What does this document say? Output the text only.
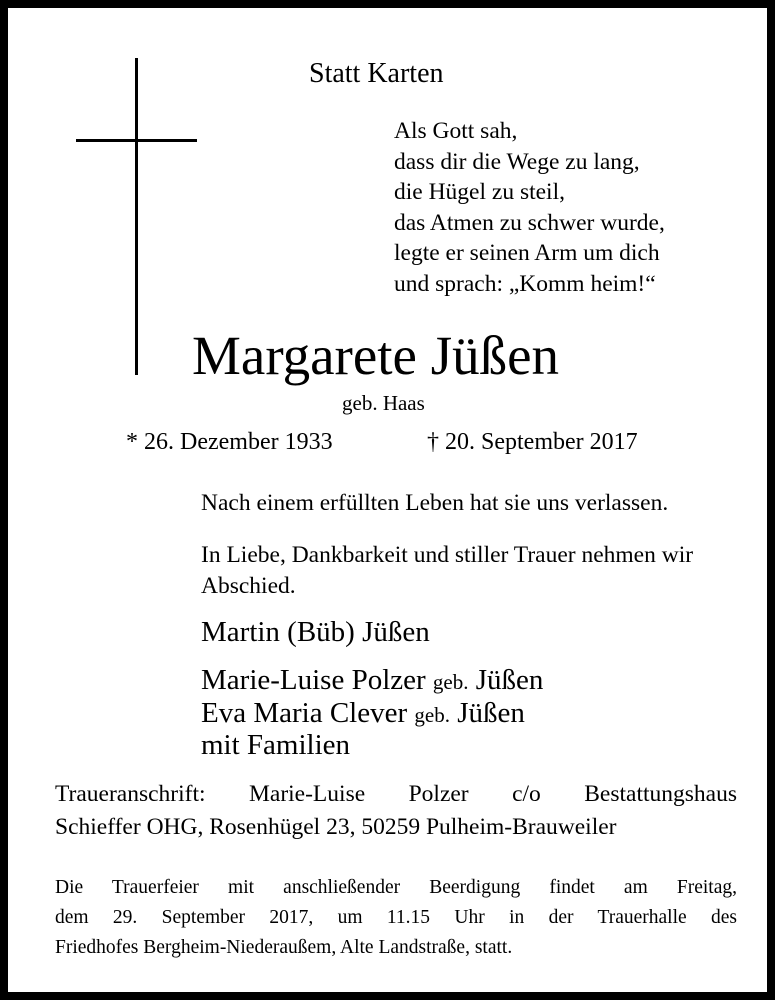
Statt Karten
Als Gott sah,
dass dir die Wege zu lang,
die Hügel zu steil,
das Atmen zu schwer wurde,
legte er seinen Arm um dich
und sprach: „Komm heim!“
Margarete Jüßen
geb. Haas
* 26. Dezember 1933	† 20. September 2017
Nach einem erfüllten Leben hat sie uns verlassen.
In Liebe, Dankbarkeit und stiller Trauer nehmen wir Abschied.
Martin (Büb) Jüßen
Marie-Luise Polzer geb. Jüßen
Eva Maria Clever geb. Jüßen
mit Familien
Traueranschrift: Marie-Luise Polzer c/o Bestattungshaus
Schieffer OHG, Rosenhügel 23, 50259 Pulheim-Brauweiler
Die Trauerfeier mit anschließender Beerdigung findet am Freitag,
dem 29. September 2017, um 11.15 Uhr in der Trauerhalle des
Friedhofes Bergheim-Niederaußem, Alte Landstraße, statt.
